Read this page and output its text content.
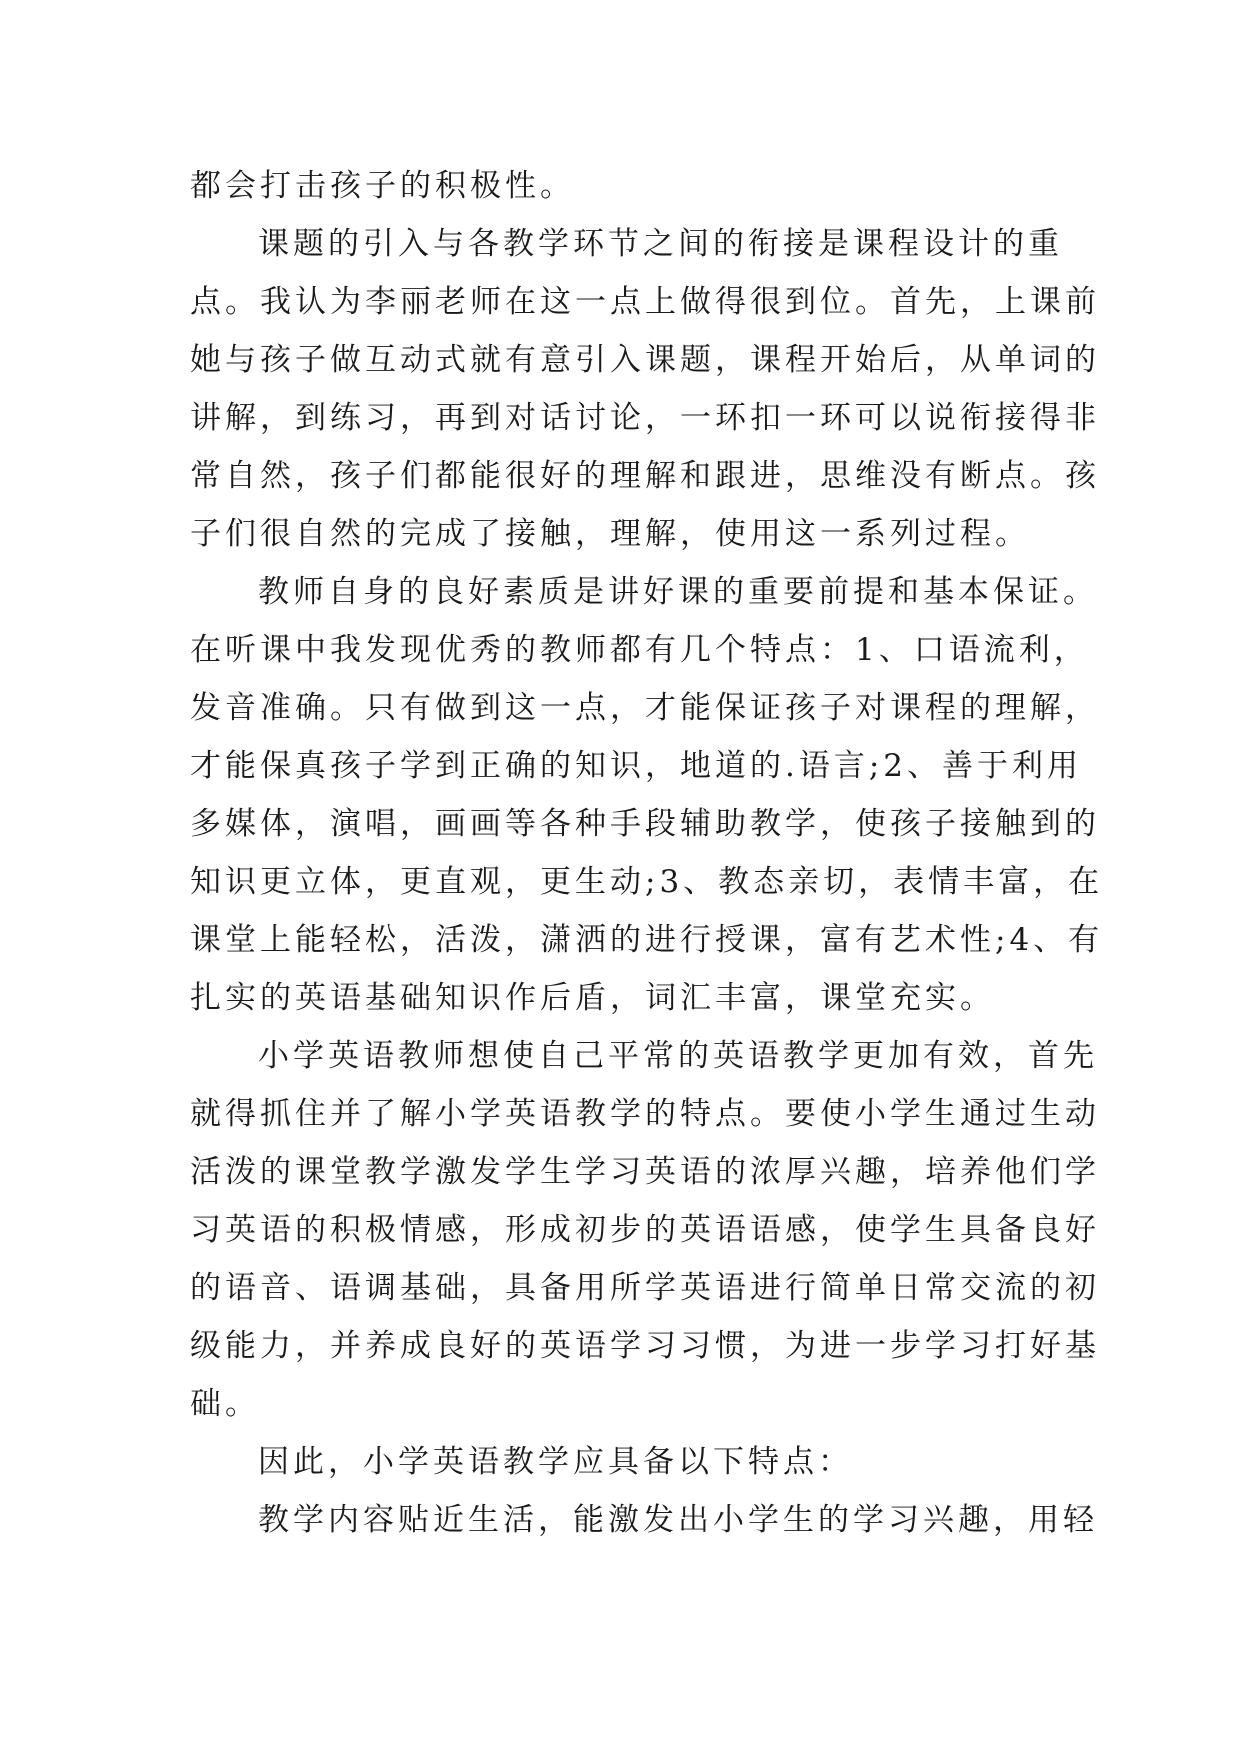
都会打击孩子的积极性。
课题的引入与各教学环节之间的衔接是课程设计的重
点。我认为李丽老师在这一点上做得很到位。首先，上课前
她与孩子做互动式就有意引入课题，课程开始后，从单词的
讲解，到练习，再到对话讨论，一环扣一环可以说衔接得非
常自然，孩子们都能很好的理解和跟进，思维没有断点。孩
子们很自然的完成了接触，理解，使用这一系列过程。
教师自身的良好素质是讲好课的重要前提和基本保证。
在听课中我发现优秀的教师都有几个特点：1、口语流利，
发音准确。只有做到这一点，才能保证孩子对课程的理解，
才能保真孩子学到正确的知识，地道的.语言;2、善于利用
多媒体，演唱，画画等各种手段辅助教学，使孩子接触到的
知识更立体，更直观，更生动;3、教态亲切，表情丰富，在
课堂上能轻松，活泼，潇洒的进行授课，富有艺术性;4、有
扎实的英语基础知识作后盾，词汇丰富，课堂充实。
小学英语教师想使自己平常的英语教学更加有效，首先
就得抓住并了解小学英语教学的特点。要使小学生通过生动
活泼的课堂教学激发学生学习英语的浓厚兴趣，培养他们学
习英语的积极情感，形成初步的英语语感，使学生具备良好
的语音、语调基础，具备用所学英语进行简单日常交流的初
级能力，并养成良好的英语学习习惯，为进一步学习打好基
础。
因此，小学英语教学应具备以下特点：
教学内容贴近生活，能激发出小学生的学习兴趣，用轻
